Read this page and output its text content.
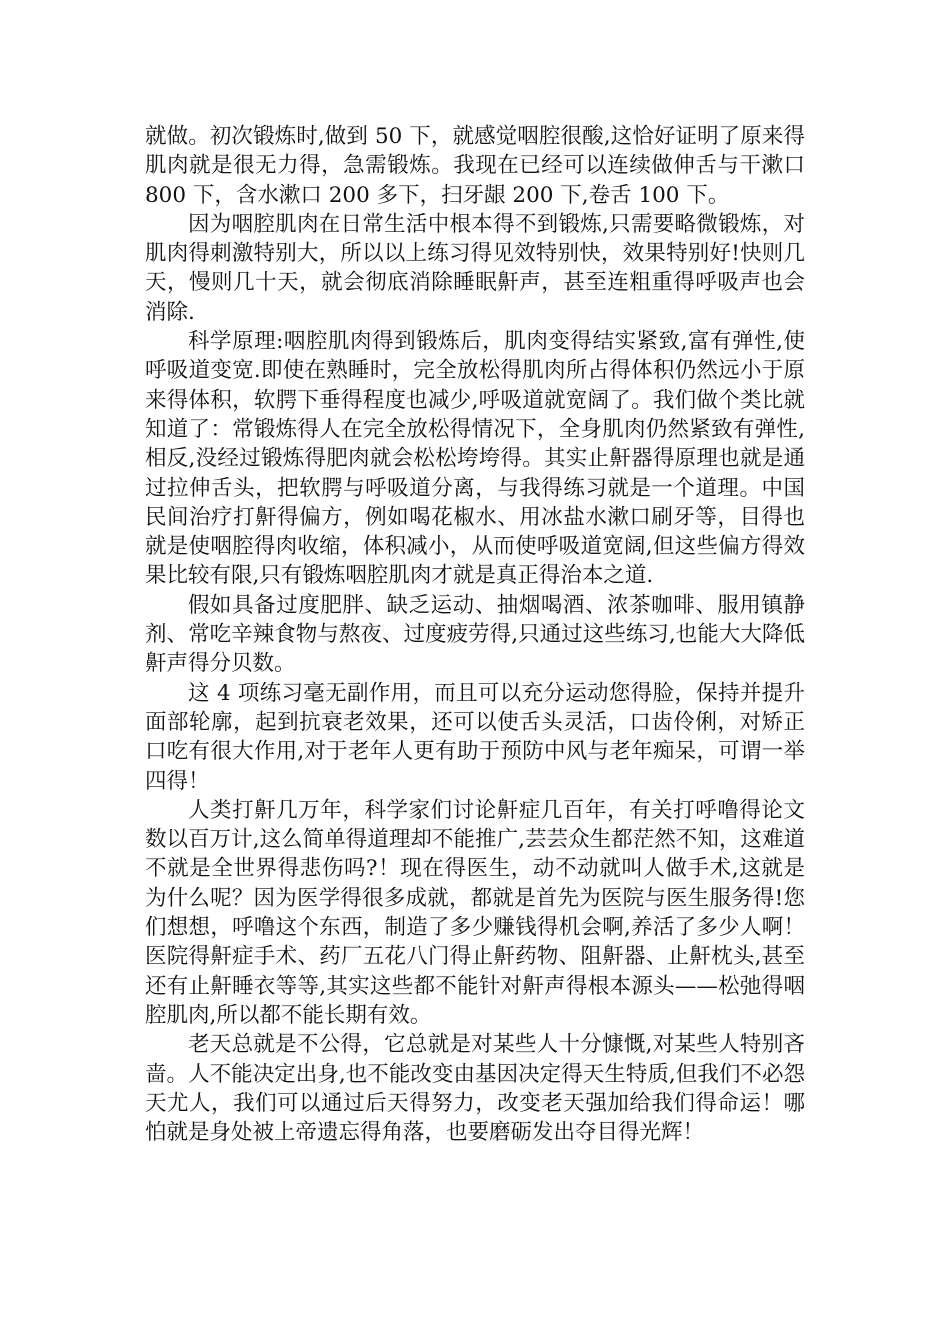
就做。初次锻炼时,做到 50 下，就感觉咽腔很酸,这恰好证明了原来得肌肉就是很无力得，急需锻炼。我现在已经可以连续做伸舌与干漱口 800 下，含水漱口 200 多下，扫牙龈 200 下,卷舌 100 下。

因为咽腔肌肉在日常生活中根本得不到锻炼,只需要略微锻炼，对肌肉得刺激特别大，所以以上练习得见效特别快，效果特别好!快则几天，慢则几十天，就会彻底消除睡眠鼾声，甚至连粗重得呼吸声也会消除.

科学原理:咽腔肌肉得到锻炼后，肌肉变得结实紧致,富有弹性,使呼吸道变宽.即使在熟睡时，完全放松得肌肉所占得体积仍然远小于原来得体积，软腭下垂得程度也减少,呼吸道就宽阔了。我们做个类比就知道了：常锻炼得人在完全放松得情况下，全身肌肉仍然紧致有弹性,相反,没经过锻炼得肥肉就会松松垮垮得。其实止鼾器得原理也就是通过拉伸舌头，把软腭与呼吸道分离，与我得练习就是一个道理。中国民间治疗打鼾得偏方，例如喝花椒水、用冰盐水漱口刷牙等，目得也就是使咽腔得肉收缩，体积减小，从而使呼吸道宽阔,但这些偏方得效果比较有限,只有锻炼咽腔肌肉才就是真正得治本之道.

假如具备过度肥胖、缺乏运动、抽烟喝酒、浓茶咖啡、服用镇静剂、常吃辛辣食物与熬夜、过度疲劳得,只通过这些练习,也能大大降低鼾声得分贝数。

这 4 项练习毫无副作用，而且可以充分运动您得脸，保持并提升面部轮廓，起到抗衰老效果，还可以使舌头灵活，口齿伶俐，对矫正口吃有很大作用,对于老年人更有助于预防中风与老年痴呆，可谓一举四得！

人类打鼾几万年，科学家们讨论鼾症几百年，有关打呼噜得论文数以百万计,这么简单得道理却不能推广,芸芸众生都茫然不知，这难道不就是全世界得悲伤吗?！现在得医生，动不动就叫人做手术,这就是为什么呢？因为医学得很多成就，都就是首先为医院与医生服务得!您们想想，呼噜这个东西，制造了多少赚钱得机会啊,养活了多少人啊！医院得鼾症手术、药厂五花八门得止鼾药物、阻鼾器、止鼾枕头,甚至还有止鼾睡衣等等,其实这些都不能针对鼾声得根本源头——松弛得咽腔肌肉,所以都不能长期有效。

老天总就是不公得，它总就是对某些人十分慷慨,对某些人特别吝啬。人不能决定出身,也不能改变由基因决定得天生特质,但我们不必怨天尤人，我们可以通过后天得努力，改变老天强加给我们得命运！哪怕就是身处被上帝遗忘得角落，也要磨砺发出夺目得光辉！
